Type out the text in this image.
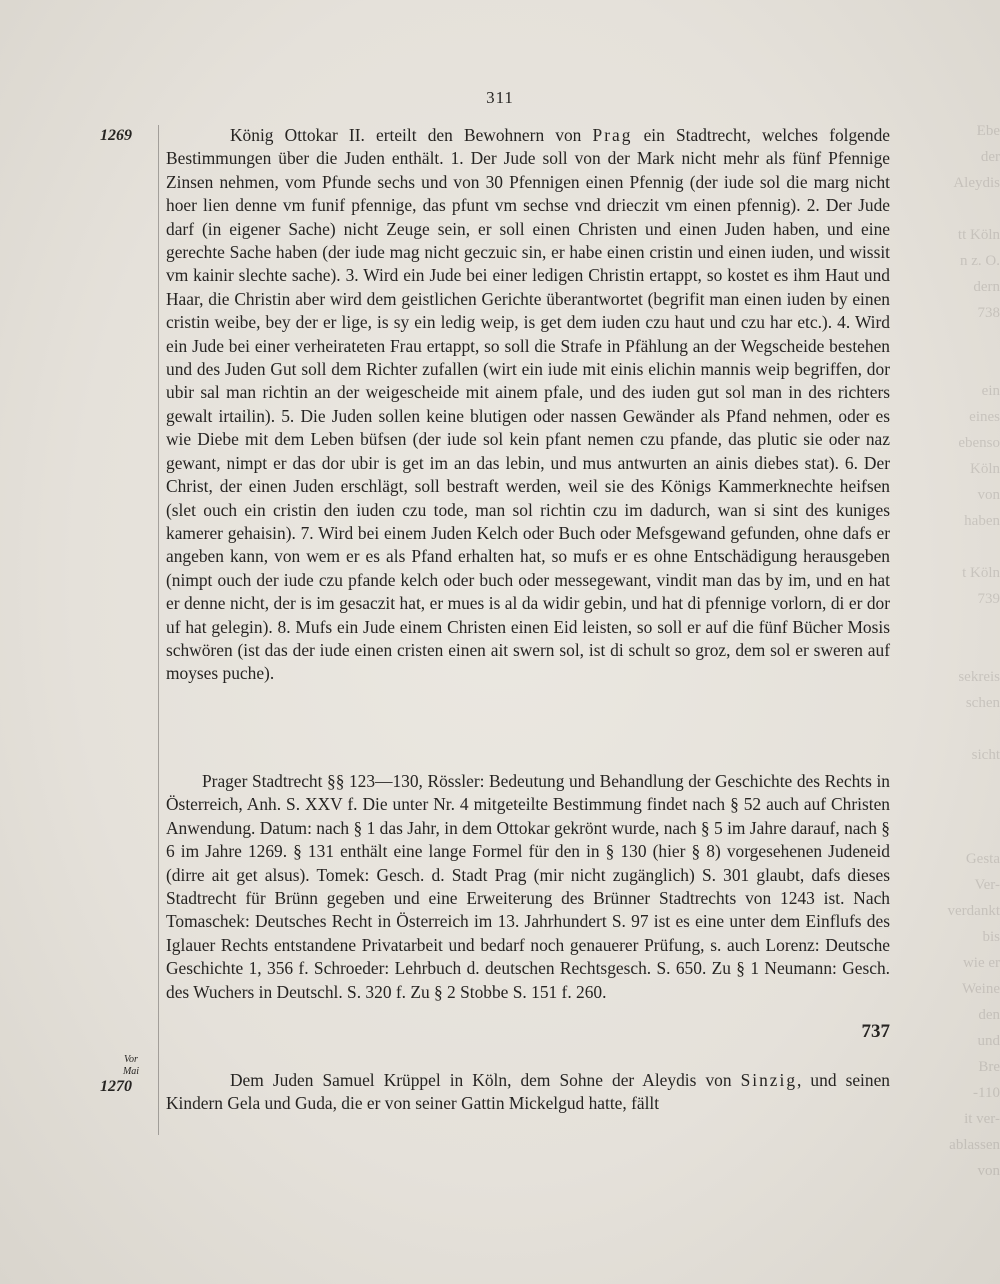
Ebe
der
Aleydis

tt Köln
n z. O.
dern
738

ein
eines
ebenso
Köln
von
haben

t Köln
739

sekreis
schen

sicht

Gesta
Ver-
verdankt
bis
wie er
Weine
den
und
Bre
-110
it ver-
ablassen
von
311
1269
Vor
Mai
1270

König Ottokar II. erteilt den Bewohnern von Prag ein Stadtrecht, welches folgende Bestimmungen über die Juden enthält. 1. Der Jude soll von der Mark nicht mehr als fünf Pfennige Zinsen nehmen, vom Pfunde sechs und von 30 Pfennigen einen Pfennig (der iude sol die marg nicht hoer lien denne vm funif pfennige, das pfunt vm sechse vnd drieczit vm einen pfennig). 2. Der Jude darf (in eigener Sache) nicht Zeuge sein, er soll einen Christen und einen Juden haben, und eine gerechte Sache haben (der iude mag nicht geczuic sin, er habe einen cristin und einen iuden, und wissit vm kainir slechte sache). 3. Wird ein Jude bei einer ledigen Christin ertappt, so kostet es ihm Haut und Haar, die Christin aber wird dem geistlichen Gerichte überantwortet (begrifit man einen iuden by einen cristin weibe, bey der er lige, is sy ein ledig weip, is get dem iuden czu haut und czu har etc.). 4. Wird ein Jude bei einer verheirateten Frau ertappt, so soll die Strafe in Pfählung an der Wegscheide bestehen und des Juden Gut soll dem Richter zufallen (wirt ein iude mit einis elichin mannis weip begriffen, dor ubir sal man richtin an der weigescheide mit ainem pfale, und des iuden gut sol man in des richters gewalt irtailin). 5. Die Juden sollen keine blutigen oder nassen Gewänder als Pfand nehmen, oder es wie Diebe mit dem Leben büfsen (der iude sol kein pfant nemen czu pfande, das plutic sie oder naz gewant, nimpt er das dor ubir is get im an das lebin, und mus antwurten an ainis diebes stat). 6. Der Christ, der einen Juden erschlägt, soll bestraft werden, weil sie des Königs Kammerknechte heifsen (slet ouch ein cristin den iuden czu tode, man sol richtin czu im dadurch, wan si sint des kuniges kamerer gehaisin). 7. Wird bei einem Juden Kelch oder Buch oder Mefsgewand gefunden, ohne dafs er angeben kann, von wem er es als Pfand erhalten hat, so mufs er es ohne Entschädigung herausgeben (nimpt ouch der iude czu pfande kelch oder buch oder messegewant, vindit man das by im, und en hat er denne nicht, der is im gesaczit hat, er mues is al da widir gebin, und hat di pfennige vorlorn, di er dor uf hat gelegin). 8. Mufs ein Jude einem Christen einen Eid leisten, so soll er auf die fünf Bücher Mosis schwören (ist das der iude einen cristen einen ait swern sol, ist di schult so groz, dem sol er sweren auf moyses puche).

Prager Stadtrecht §§ 123—130, Rössler: Bedeutung und Behandlung der Geschichte des Rechts in Österreich, Anh. S. XXV f. Die unter Nr. 4 mitgeteilte Bestimmung findet nach § 52 auch auf Christen Anwendung. Datum: nach § 1 das Jahr, in dem Ottokar gekrönt wurde, nach § 5 im Jahre darauf, nach § 6 im Jahre 1269. § 131 enthält eine lange Formel für den in § 130 (hier § 8) vorgesehenen Judeneid (dirre ait get alsus). Tomek: Gesch. d. Stadt Prag (mir nicht zugänglich) S. 301 glaubt, dafs dieses Stadtrecht für Brünn gegeben und eine Erweiterung des Brünner Stadtrechts von 1243 ist. Nach Tomaschek: Deutsches Recht in Österreich im 13. Jahrhundert S. 97 ist es eine unter dem Einflufs des Iglauer Rechts entstandene Privatarbeit und bedarf noch genauerer Prüfung, s. auch Lorenz: Deutsche Geschichte 1, 356 f. Schroeder: Lehrbuch d. deutschen Rechtsgesch. S. 650. Zu § 1 Neumann: Gesch. des Wuchers in Deutschl. S. 320 f. Zu § 2 Stobbe S. 151 f. 260.

737

Dem Juden Samuel Krüppel in Köln, dem Sohne der Aleydis von Sinzig, und seinen Kindern Gela und Guda, die er von seiner Gattin Mickelgud hatte, fällt
